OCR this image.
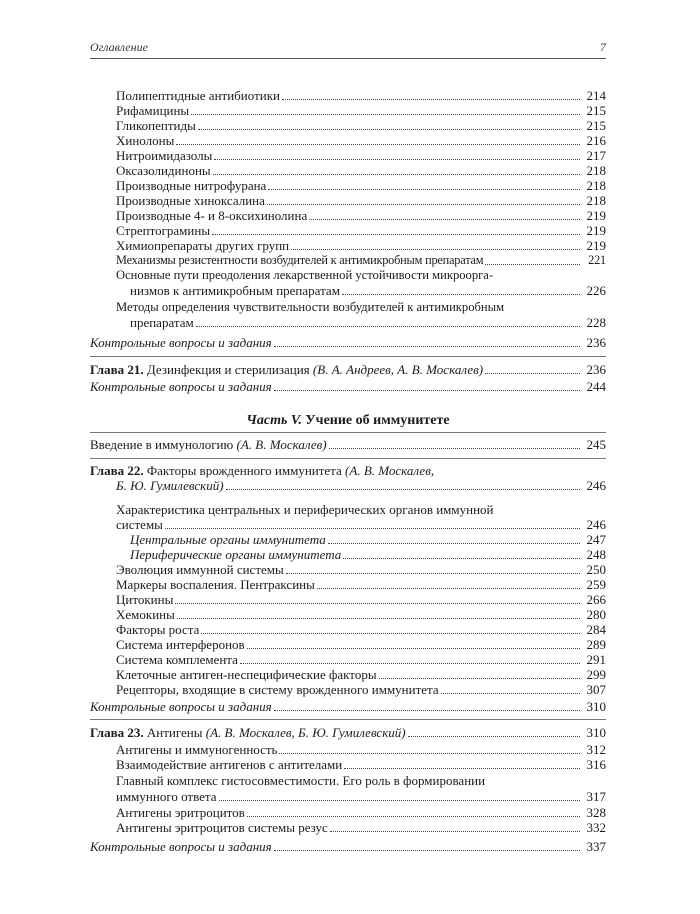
Оглавление	7
Полипептидные антибиотики	214
Рифамицины	215
Гликопептиды	215
Хинолоны	216
Нитроимидазолы	217
Оксазолидиноны	218
Производные нитрофурана	218
Производные хиноксалина	218
Производные 4- и 8-оксихинолина	219
Стрептограмины	219
Химиопрепараты других групп	219
Механизмы резистентности возбудителей к антимикробным препаратам	221
Основные пути преодоления лекарственной устойчивости микроорга-
низмов к антимикробным препаратам	226
Методы определения чувствительности возбудителей к антимикробным
препаратам	228
Контрольные вопросы и задания	236
Глава 21. Дезинфекция и стерилизация (В. А. Андреев, А. В. Москалев)	236
Контрольные вопросы и задания	244
Часть V. Учение об иммунитете
Введение в иммунологию (А. В. Москалев)	245
Глава 22. Факторы врожденного иммунитета (А. В. Москалев,
Б. Ю. Гумилевский)	246
Характеристика центральных и периферических органов иммунной
системы	246
Центральные органы иммунитета	247
Периферические органы иммунитета	248
Эволюция иммунной системы	250
Маркеры воспаления. Пентраксины	259
Цитокины	266
Хемокины	280
Факторы роста	284
Система интерферонов	289
Система комплемента	291
Клеточные антиген-неспецифические факторы	299
Рецепторы, входящие в систему врожденного иммунитета	307
Контрольные вопросы и задания	310
Глава 23. Антигены (А. В. Москалев, Б. Ю. Гумилевский)	310
Антигены и иммуногенность	312
Взаимодействие антигенов с антителами	316
Главный комплекс гистосовместимости. Его роль в формировании
иммунного ответа	317
Антигены эритроцитов	328
Антигены эритроцитов системы резус	332
Контрольные вопросы и задания	337
